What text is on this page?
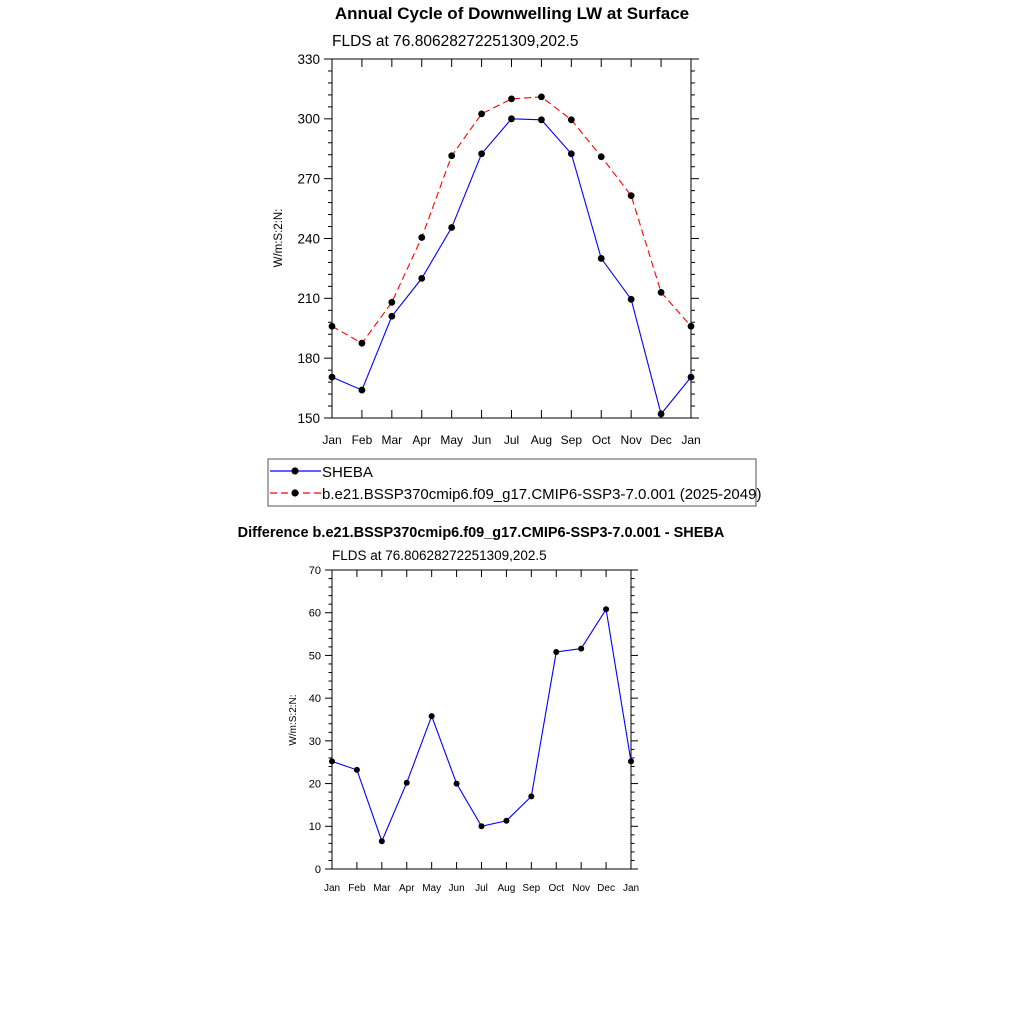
Annual Cycle of Downwelling LW at Surface
FLDS at 76.80628272251309,202.5
W/m:S:2:N:
150
180
210
240
270
300
330
Jan Feb Mar Apr May Jun Jul Aug Sep Oct Nov Dec Jan
SHEBA
b.e21.BSSP370cmip6.f09_g17.CMIP6-SSP3-7.0.001 (2025-2049)
Difference b.e21.BSSP370cmip6.f09_g17.CMIP6-SSP3-7.0.001 - SHEBA
FLDS at 76.80628272251309,202.5
W/m:S:2:N:
0
10
20
30
40
50
60
70
Jan Feb Mar Apr May Jun Jul Aug Sep Oct Nov Dec Jan
